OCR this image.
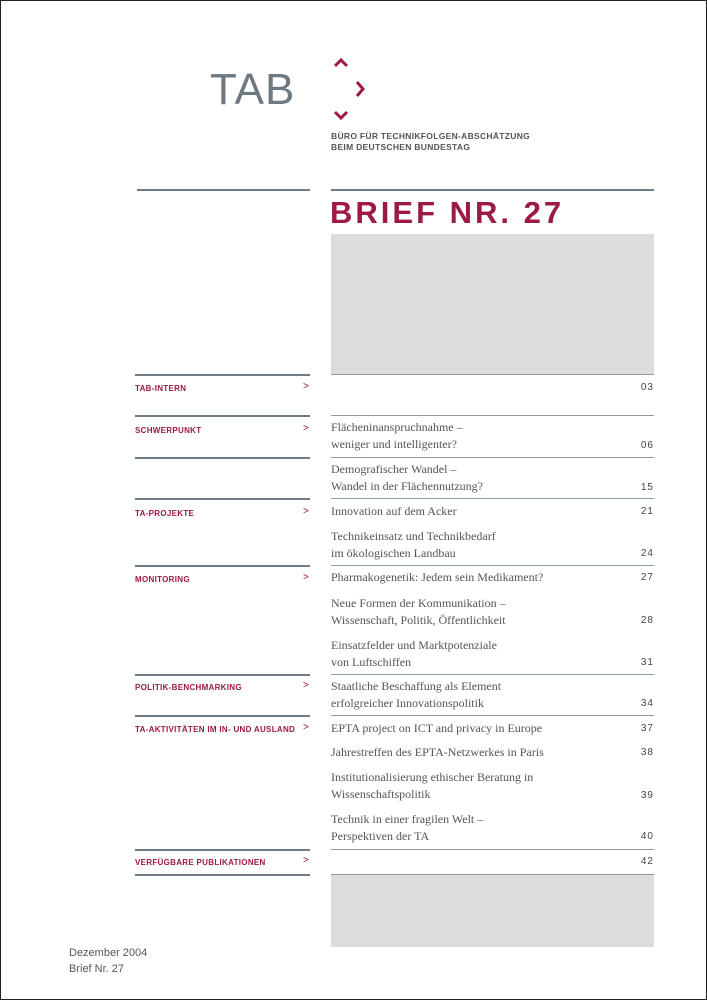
TAB
BÜRO FÜR TECHNIKFOLGEN-ABSCHÄTZUNG
BEIM DEUTSCHEN BUNDESTAG
BRIEF NR. 27
TAB-INTERN	>
SCHWERPUNKT	>
TA-PROJEKTE	>
MONITORING	>
POLITIK-BENCHMARKING	>
TA-AKTIVITÄTEN IM IN- UND AUSLAND >
VERFÜGBARE PUBLIKATIONEN	>
03
Flächeninanspruchnahme –
weniger und intelligenter?	06
Demografischer Wandel –
Wandel in der Flächennutzung?	15
Innovation auf dem Acker	21
Technikeinsatz und Technikbedarf
im ökologischen Landbau	24
Pharmakogenetik: Jedem sein Medikament?	27
Neue Formen der Kommunikation –
Wissenschaft, Politik, Öffentlichkeit	28
Einsatzfelder und Marktpotenziale
von Luftschiffen	31
Staatliche Beschaffung als Element
erfolgreicher Innovationspolitik	34
EPTA project on ICT and privacy in Europe	37
Jahrestreffen des EPTA-Netzwerkes in Paris	38
Institutionalisierung ethischer Beratung in
Wissenschaftspolitik	39
Technik in einer fragilen Welt –
Perspektiven der TA	40
42
Dezember 2004
Brief Nr. 27
